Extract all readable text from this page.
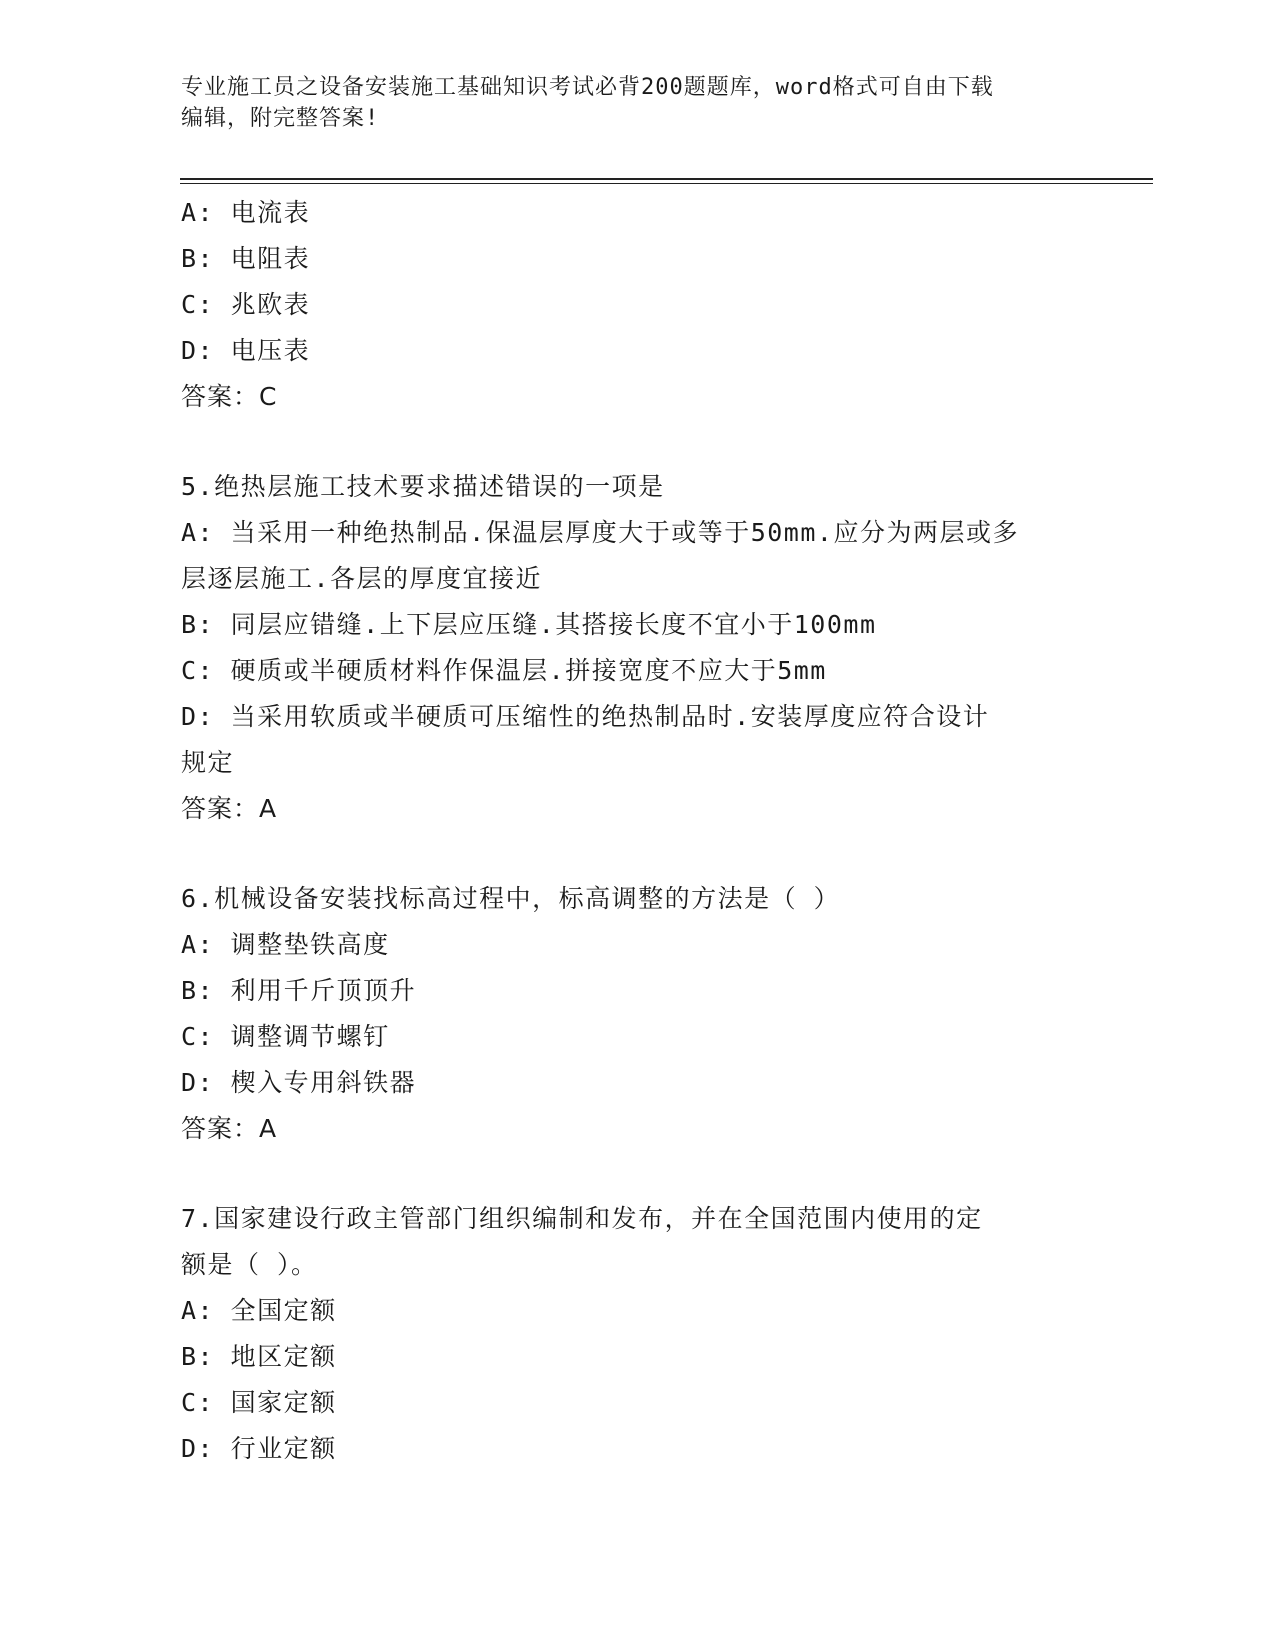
专业施工员之设备安装施工基础知识考试必背200题题库，word格式可自由下载
编辑，附完整答案!
A: 电流表
B: 电阻表
C: 兆欧表
D: 电压表
答案：C
5.绝热层施工技术要求描述错误的一项是
A: 当采用一种绝热制品.保温层厚度大于或等于50mm.应分为两层或多
层逐层施工.各层的厚度宜接近
B: 同层应错缝.上下层应压缝.其搭接长度不宜小于100mm
C: 硬质或半硬质材料作保温层.拼接宽度不应大于5mm
D: 当采用软质或半硬质可压缩性的绝热制品时.安装厚度应符合设计
规定
答案：A
6.机械设备安装找标高过程中，标高调整的方法是（ ）
A: 调整垫铁高度
B: 利用千斤顶顶升
C: 调整调节螺钉
D: 楔入专用斜铁器
答案：A
7.国家建设行政主管部门组织编制和发布，并在全国范围内使用的定
额是（ ）。
A: 全国定额
B: 地区定额
C: 国家定额
D: 行业定额
